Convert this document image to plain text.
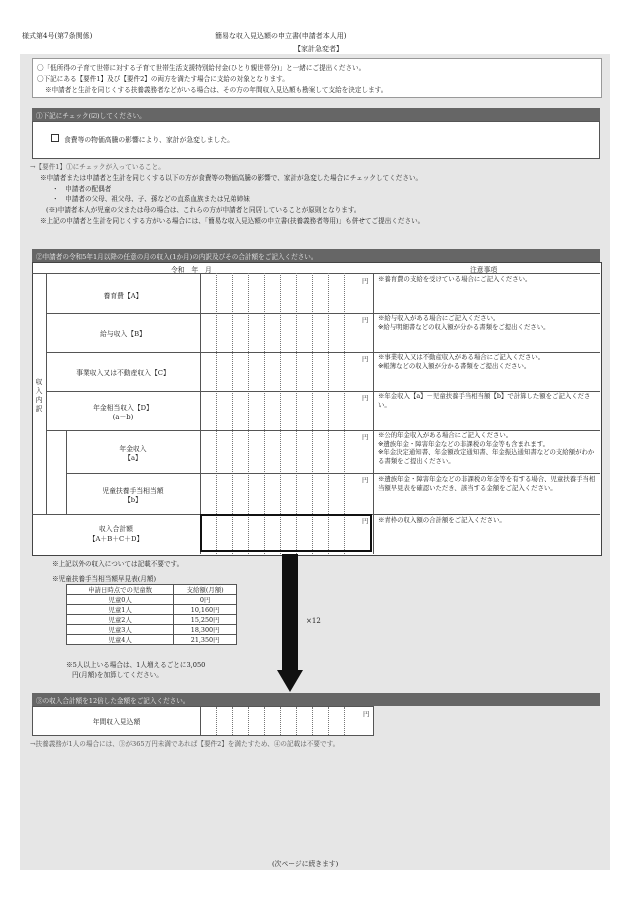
様式第4号(第7条関係)	簡易な収入見込額の申立書(申請者本人用)
【家計急変者】
〇「低所得の子育て世帯に対する子育て世帯生活支援特別給付金(ひとり親世帯分)」と一緒にご提出ください。
〇下記にある【要件1】及び【要件2】の両方を満たす場合に支給の対象となります。
※申請者と生計を同じくする扶養義務者などがいる場合は、その方の年間収入見込額も勘案して支給を決定します。
①下記にチェック(☑)してください。
食費等の物価高騰の影響により、家計が急変しました。
→【要件1】①にチェックが入っていること。
※申請者または申請者と生計を同じくする以下の方が食費等の物価高騰の影響で、家計が急変した場合にチェックしてください。
・　申請者の配偶者
・　申請者の父母、祖父母、子、孫などの直系血族または兄弟姉妹
(※)申請者本人が児童の父または母の場合は、これらの方が申請者と同居していることが原則となります。
※上記の申請者と生計を同じくする方がいる場合には、「簡易な収入見込額の申立書(扶養義務者等用)」も併せてご提出ください。
②申請者の令和5年1月以降の任意の月の収入(1か月)の内訳及びその合計額をご記入ください。
令和　年　月	注意事項
収入内訳
養育費【A】
円 ※養育費の支給を受けている場合にご記入ください。
給与収入【B】
円 ※給与収入がある場合にご記入ください。
※給与明細書などの収入額が分かる書類をご提出ください。
事業収入又は不動産収入【C】
円 ※事業収入又は不動産収入がある場合にご記入ください。
※帳簿などの収入額が分かる書類をご提出ください。
年金相当収入【D】
(a－b)
円 ※年金収入【a】－児童扶養手当相当額【b】で計算した額をご記入ください。
年金収入
【a】
円 ※公的年金収入がある場合にご記入ください。
※遺族年金・障害年金などの非課税の年金等も含まれます。
※年金決定通知書、年金額改定通知書、年金振込通知書などの支給額がわかる書類をご提出ください。
児童扶養手当相当額
【b】
円 ※遺族年金・障害年金などの非課税の年金等を有する場合、児童扶養手当相当額早見表を確認いただき、該当する金額をご記入ください。
収入合計額
【A＋B＋C＋D】
円 ※青枠の収入額の合計額をご記入ください。
※上記以外の収入については記載不要です。
※児童扶養手当相当額早見表(月額)
申請日時点での児童数	支給額(月額)
児童0人	0円
児童1人	10,160円
児童2人	15,250円
児童3人	18,300円
児童4人	21,350円
※5人以上いる場合は、1人増えるごとに3,050
円(月額)を加算してください。
×12
③の収入合計額を12倍した金額をご記入ください。
年間収入見込額
円
→扶養義務が1人の場合には、③が365万円未満であれば【要件2】を満たすため、④の記載は不要です。
(次ページに続きます)
